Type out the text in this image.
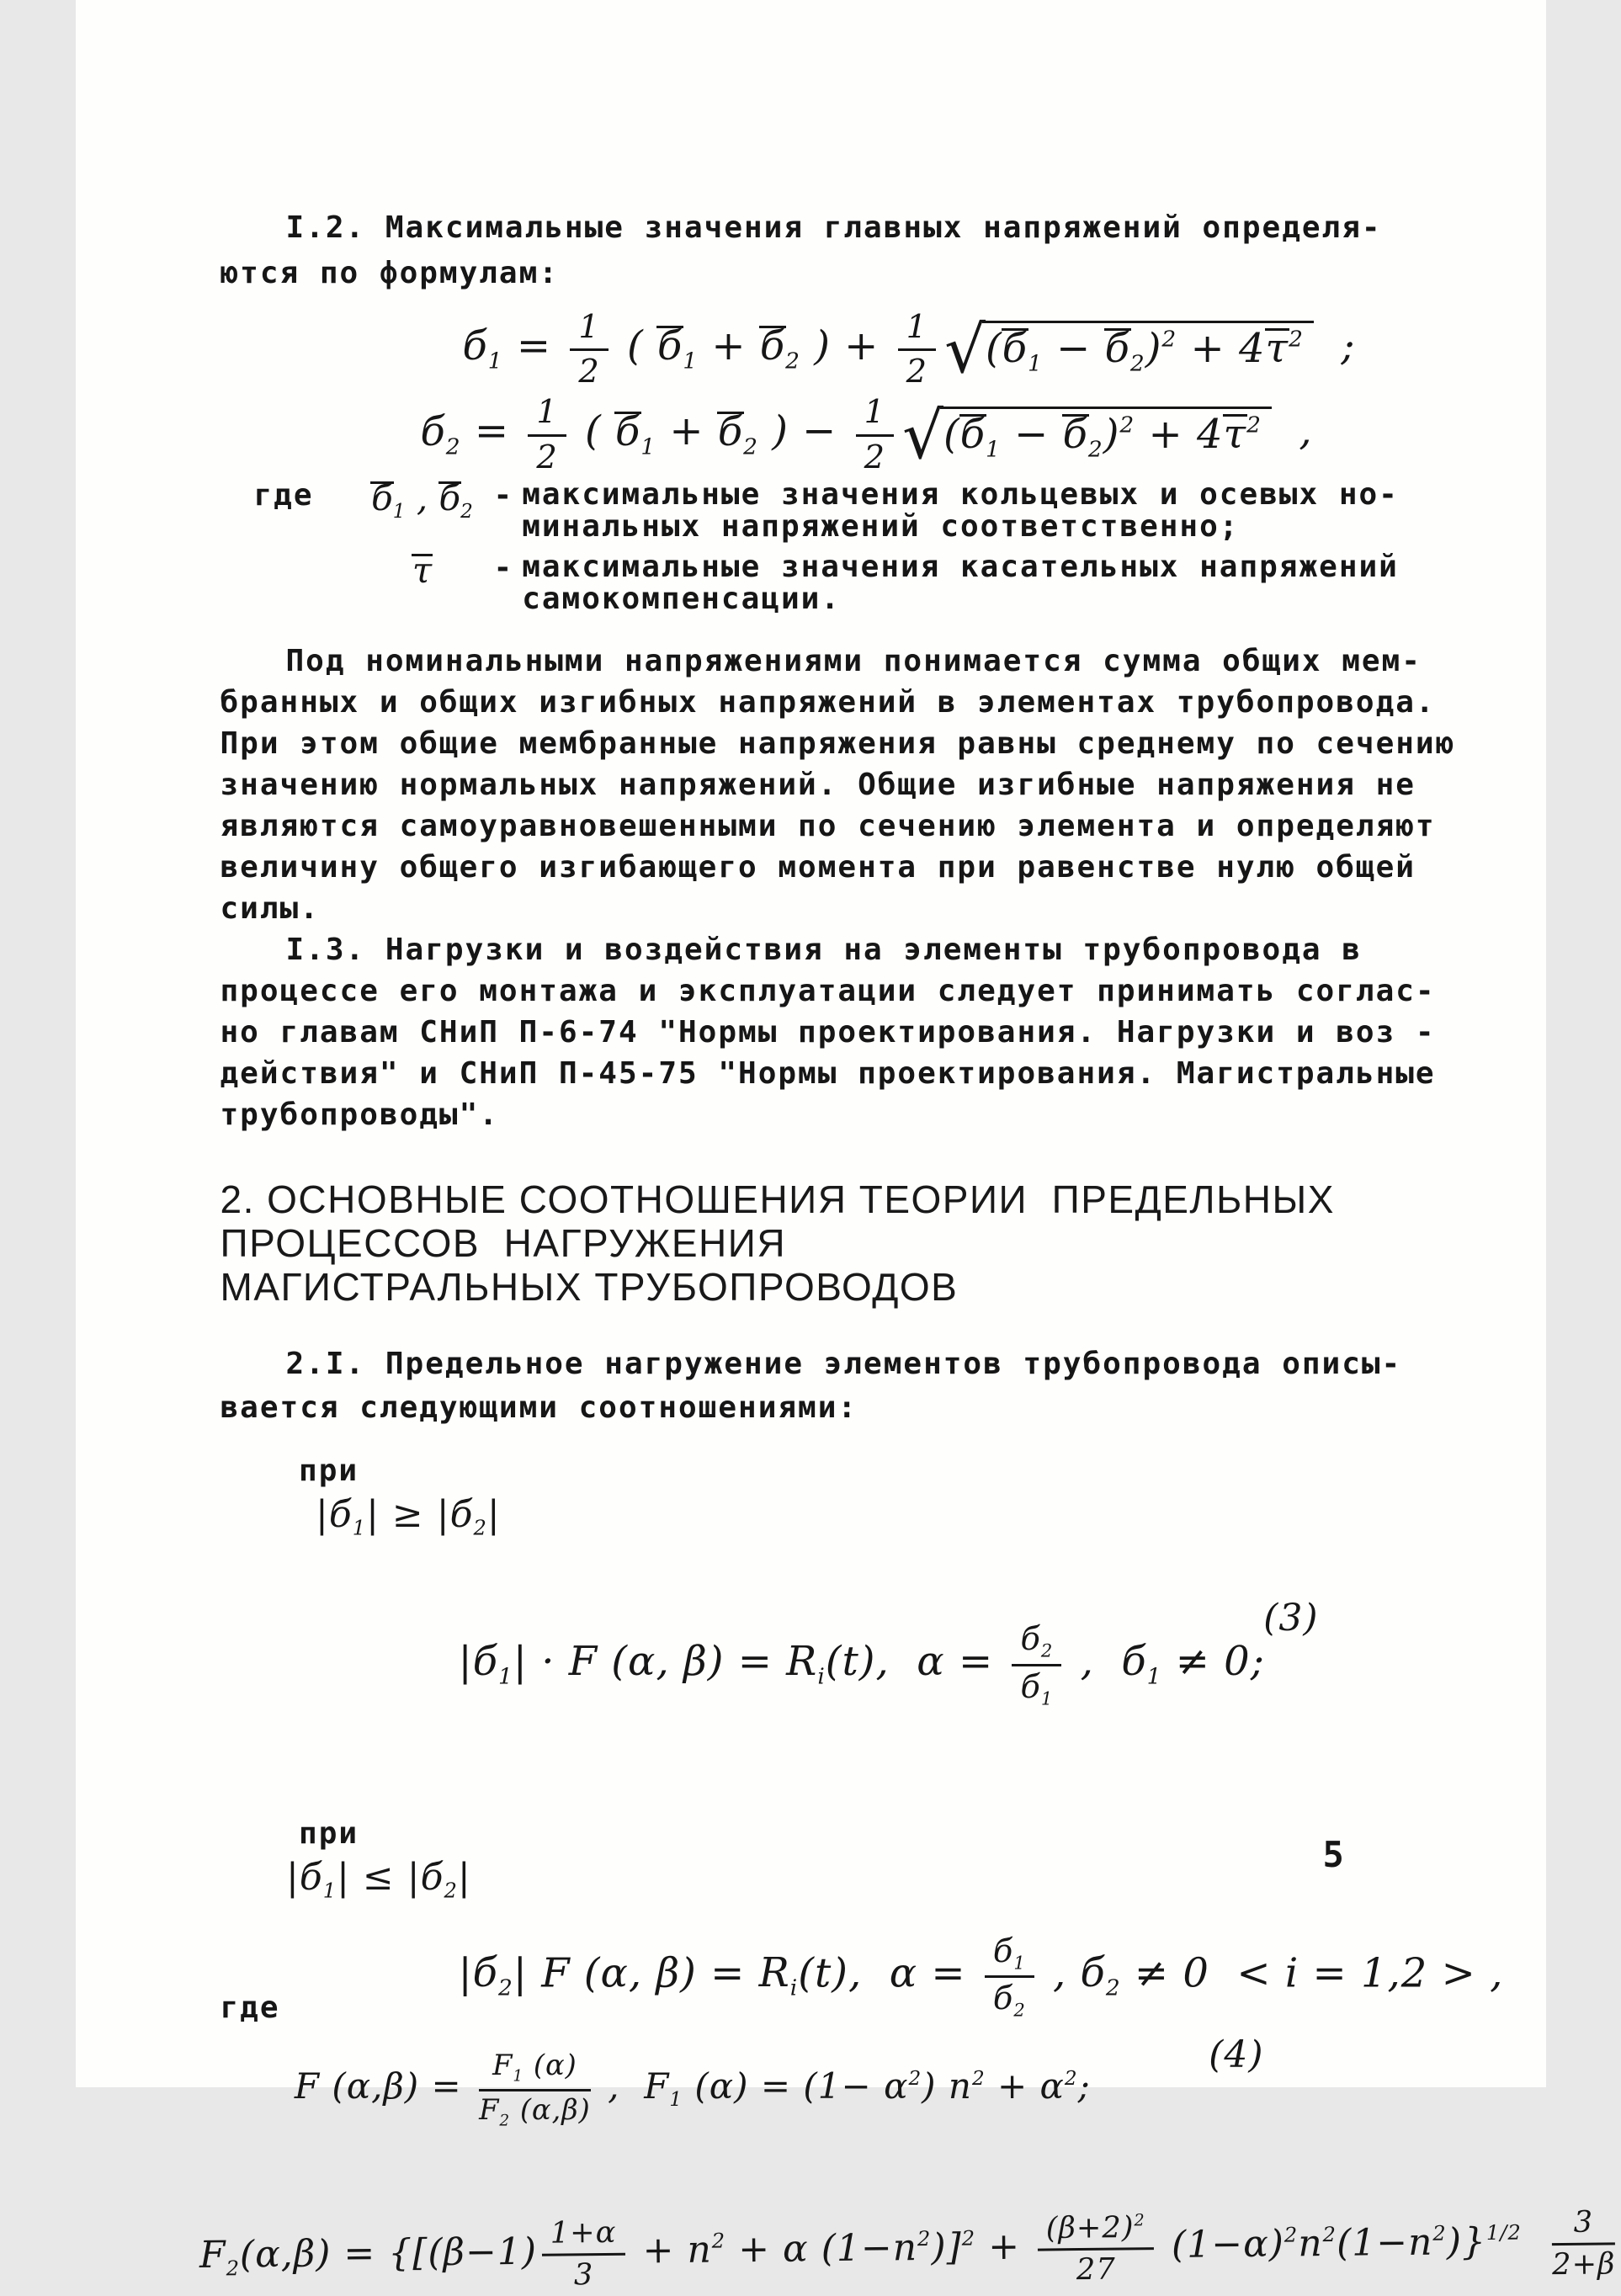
I.2. Максимальные значения главных напряжений определя-
ются по формулам:
$б_1 = \frac{1}{2}$ ( $б_1 + б_2$ ) + $\frac{1}{2} √(б_1 - б_2)^2 + 4\tau^2$  ;
$б_2 = \frac{1}{2}$ ( $б_1 + б_2$ ) − $\frac{1}{2} √(б_1 - б_2)^2 + 4\tau^2$  ,
где	$б_1$ , $б_2$ - максимальные значения кольцевых и осевых но-
минальных напряжений соответственно;
τ	- максимальные значения касательных напряжений
самокомпенсации.
Под номинальными напряжениями понимается сумма общих мем-
бранных и общих изгибных напряжений в элементах трубопровода.
При этом общие мембранные напряжения равны среднему по сечению
значению нормальных напряжений. Общие изгибные напряжения не
являются самоуравновешенными по сечению элемента и определяют
величину общего изгибающего момента при равенстве нулю общей
силы.
I.3. Нагрузки и воздействия на элементы трубопровода в
процессе его монтажа и эксплуатации следует принимать соглас-
но главам СНиП П-6-74 "Нормы проектирования. Нагрузки и воз -
действия" и СНиП П-45-75 "Нормы проектирования. Магистральные
трубопроводы".
2. ОСНОВНЫЕ СООТНОШЕНИЯ ТЕОРИИ  ПРЕДЕЛЬНЫХ
ПРОЦЕССОВ  НАГРУЖЕНИЯ
МАГИСТРАЛЬНЫХ ТРУБОПРОВОДОВ
2.I. Предельное нагружение элементов трубопровода описы-
вается следующими соотношениями:

при
$|б_1| \ge |б_2|$

$|б_1| \cdot F$ (α, $\beta) = R_i(t)$,  $\alpha = \frac{б_2}{б_1}$ ,  $б_1 \ne 0$;

(3)

при
$|б_1| \le |б_2|$

$|б_2|$ F (α, $\beta) = R_i(t)$,  $\alpha = \frac{б_1}{б_2}$ , $б_2 \ne 0 < i = 1,2$ > ,
где

F $(\alpha,\beta) = \frac{F_1 (\alpha)}{F_2 (\alpha,\beta)}$ ,  $F_1$ $(\alpha) = (1- \alpha^2)$ $n^2 + \alpha^2$;

(4)

$F_2(\alpha,\beta) = \{[(\beta-1) \frac{1+\alpha}{3} + n^2 + \alpha$ $(1-n^2)]^2 + \frac{(\beta+2)^2}{27} (1-\alpha)^2n^2(1-n^2)\}^{1/2} \frac{3}{2+\beta}$
5
